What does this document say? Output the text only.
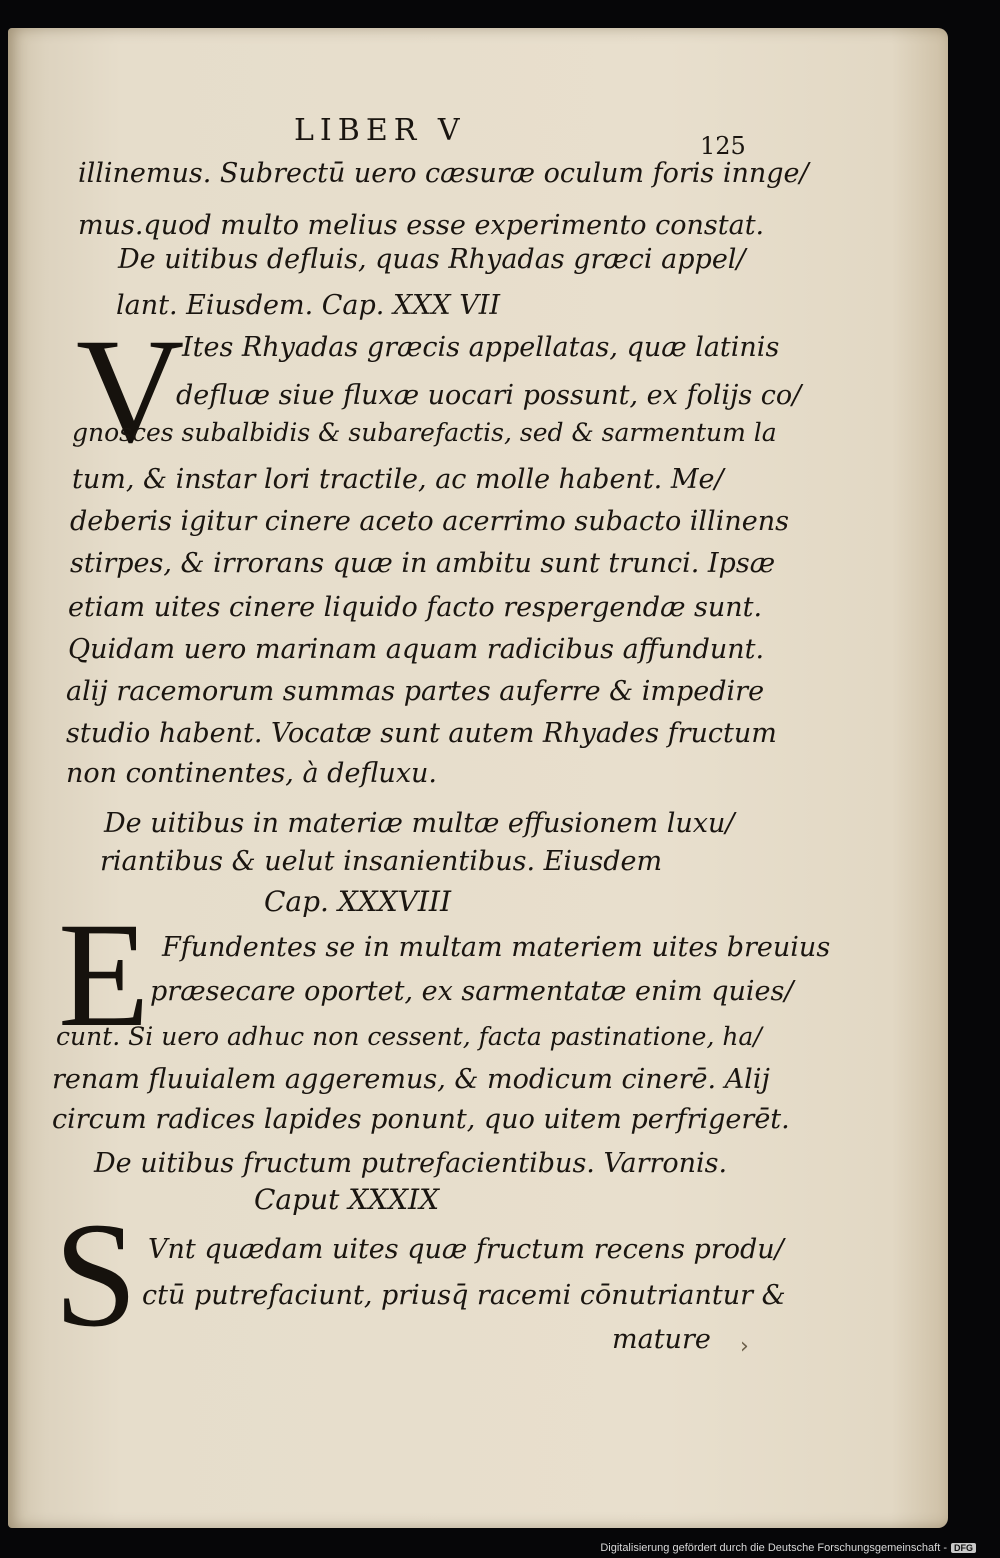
LIBER V	125
illinemus. Subrectū uero cæsuræ oculum foris innge/
mus.quod multo melius esse experimento constat.
De uitibus defluis, quas Rhyadas græci appel/
lant. Eiusdem. Cap. XXX VII
V
Ites Rhyadas græcis appellatas, quæ latinis
defluæ siue fluxæ uocari possunt, ex folijs co/
gnosces subalbidis & subarefactis, sed & sarmentum la
tum, & instar lori tractile, ac molle habent. Me/
deberis igitur cinere aceto acerrimo subacto illinens
stirpes, & irrorans quæ in ambitu sunt trunci. Ipsæ
etiam uites cinere liquido facto respergendæ sunt.
Quidam uero marinam aquam radicibus affundunt.
alij racemorum summas partes auferre & impedire
studio habent. Vocatæ sunt autem Rhyades fructum
non continentes, à defluxu.
De uitibus in materiæ multæ effusionem luxu/
riantibus & uelut insanientibus. Eiusdem
Cap. XXXVIII
E Ffundentes se in multam materiem uites breuius
præsecare oportet, ex sarmentatæ enim quies/
cunt. Si uero adhuc non cessent, facta pastinatione, ha/
renam fluuialem aggeremus, & modicum cinerē. Alij
circum radices lapides ponunt, quo uitem perfrigerēt.
De uitibus fructum putrefacientibus. Varronis.
Caput XXXIX
S Vnt quædam uites quæ fructum recens produ/
ctū putrefaciunt, priusq̄ racemi cōnutriantur &
mature ›
Digitalisierung gefördert durch die Deutsche Forschungsgemeinschaft - DFG
